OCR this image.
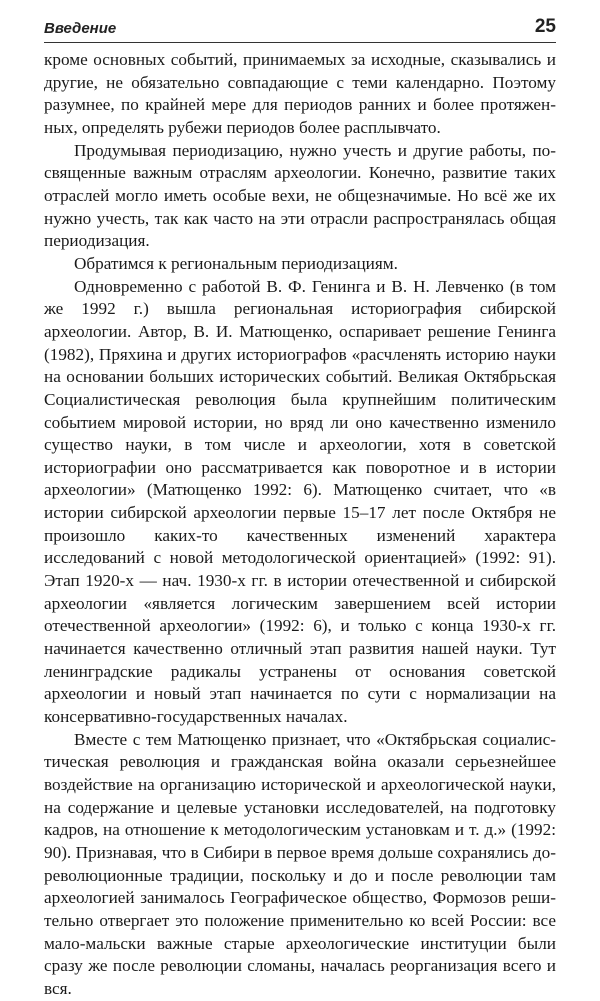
Введение	25

кроме основных событий, принимаемых за исходные, сказывались и другие, не обязательно совпадающие с теми календарно. Поэтому разумнее, по крайней мере для периодов ранних и более протяженных, определять рубежи периодов более расплывчато.

Продумывая периодизацию, нужно учесть и другие работы, посвященные важным отраслям археологии. Конечно, развитие таких отраслей могло иметь особые вехи, не общезначимые. Но всё же их нужно учесть, так как часто на эти отрасли распространялась общая периодизация.

Обратимся к региональным периодизациям.

Одновременно с работой В. Ф. Генинга и В. Н. Левченко (в том же 1992 г.) вышла региональная историография сибирской археологии. Автор, В. И. Матющенко, оспаривает решение Генинга (1982), Пряхина и других историографов «расчленять историю науки на основании больших исторических событий. Великая Октябрьская Социалистическая революция была крупнейшим политическим событием мировой истории, но вряд ли оно качественно изменило существо науки, в том числе и археологии, хотя в советской историографии оно рассматривается как поворотное и в истории археологии» (Матющенко 1992: 6). Матющенко считает, что «в истории сибирской археологии первые 15–17 лет после Октября не произошло каких-то качественных изменений характера исследований с новой методологической ориентацией» (1992: 91). Этап 1920-х — нач. 1930-х гг. в истории отечественной и сибирской археологии «является логическим завершением всей истории отечественной археологии» (1992: 6), и только с конца 1930-х гг. начинается качественно отличный этап развития нашей науки. Тут ленинградские радикалы устранены от основания советской археологии и новый этап начинается по сути с нормализации на консервативно-государственных началах.

Вместе с тем Матющенко признает, что «Октябрьская социалистическая революция и гражданская война оказали серьезнейшее воздействие на организацию исторической и археологической науки, на содержание и целевые установки исследователей, на подготовку кадров, на отношение к методологическим установкам и т. д.» (1992: 90). Признавая, что в Сибири в первое время дольше сохранялись дореволюционные традиции, поскольку и до и после революции там археологией занималось Географическое общество, Формозов решительно отвергает это положение применительно ко всей России: все мало-мальски важные старые археологические институции были сразу же после революции сломаны, началась реорганизация всего и вся.
